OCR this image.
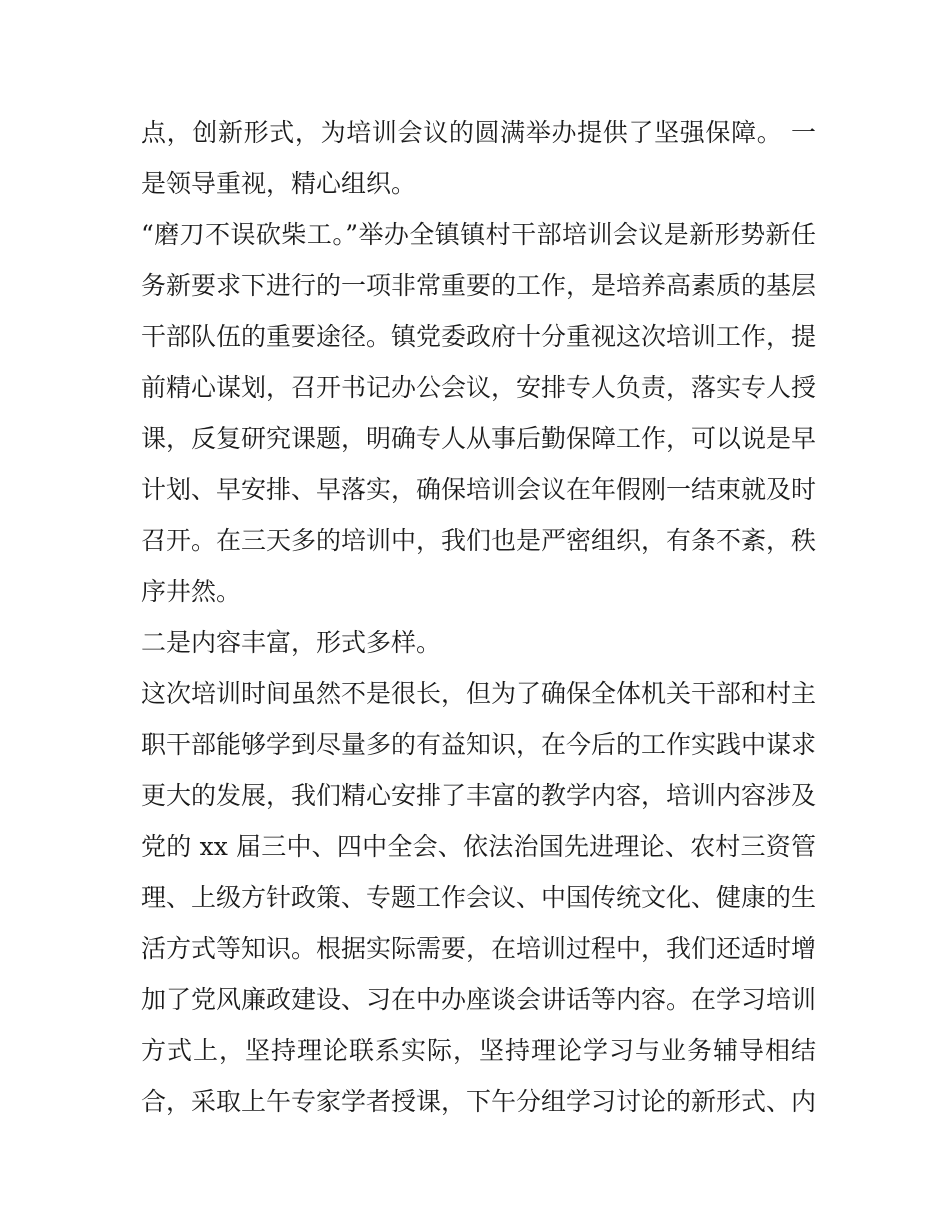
点，创新形式，为培训会议的圆满举办提供了坚强保障。 一
是领导重视，精心组织。
“磨刀不误砍柴工。”举办全镇镇村干部培训会议是新形势新任
务新要求下进行的一项非常重要的工作，是培养高素质的基层
干部队伍的重要途径。镇党委政府十分重视这次培训工作，提
前精心谋划，召开书记办公会议，安排专人负责，落实专人授
课，反复研究课题，明确专人从事后勤保障工作，可以说是早
计划、早安排、早落实，确保培训会议在年假刚一结束就及时
召开。在三天多的培训中，我们也是严密组织，有条不紊，秩
序井然。
二是内容丰富，形式多样。
这次培训时间虽然不是很长，但为了确保全体机关干部和村主
职干部能够学到尽量多的有益知识，在今后的工作实践中谋求
更大的发展，我们精心安排了丰富的教学内容，培训内容涉及
党的 xx 届三中、四中全会、依法治国先进理论、农村三资管
理、上级方针政策、专题工作会议、中国传统文化、健康的生
活方式等知识。根据实际需要，在培训过程中，我们还适时增
加了党风廉政建设、习在中办座谈会讲话等内容。在学习培训
方式上，坚持理论联系实际，坚持理论学习与业务辅导相结
合，采取上午专家学者授课，下午分组学习讨论的新形式、内
